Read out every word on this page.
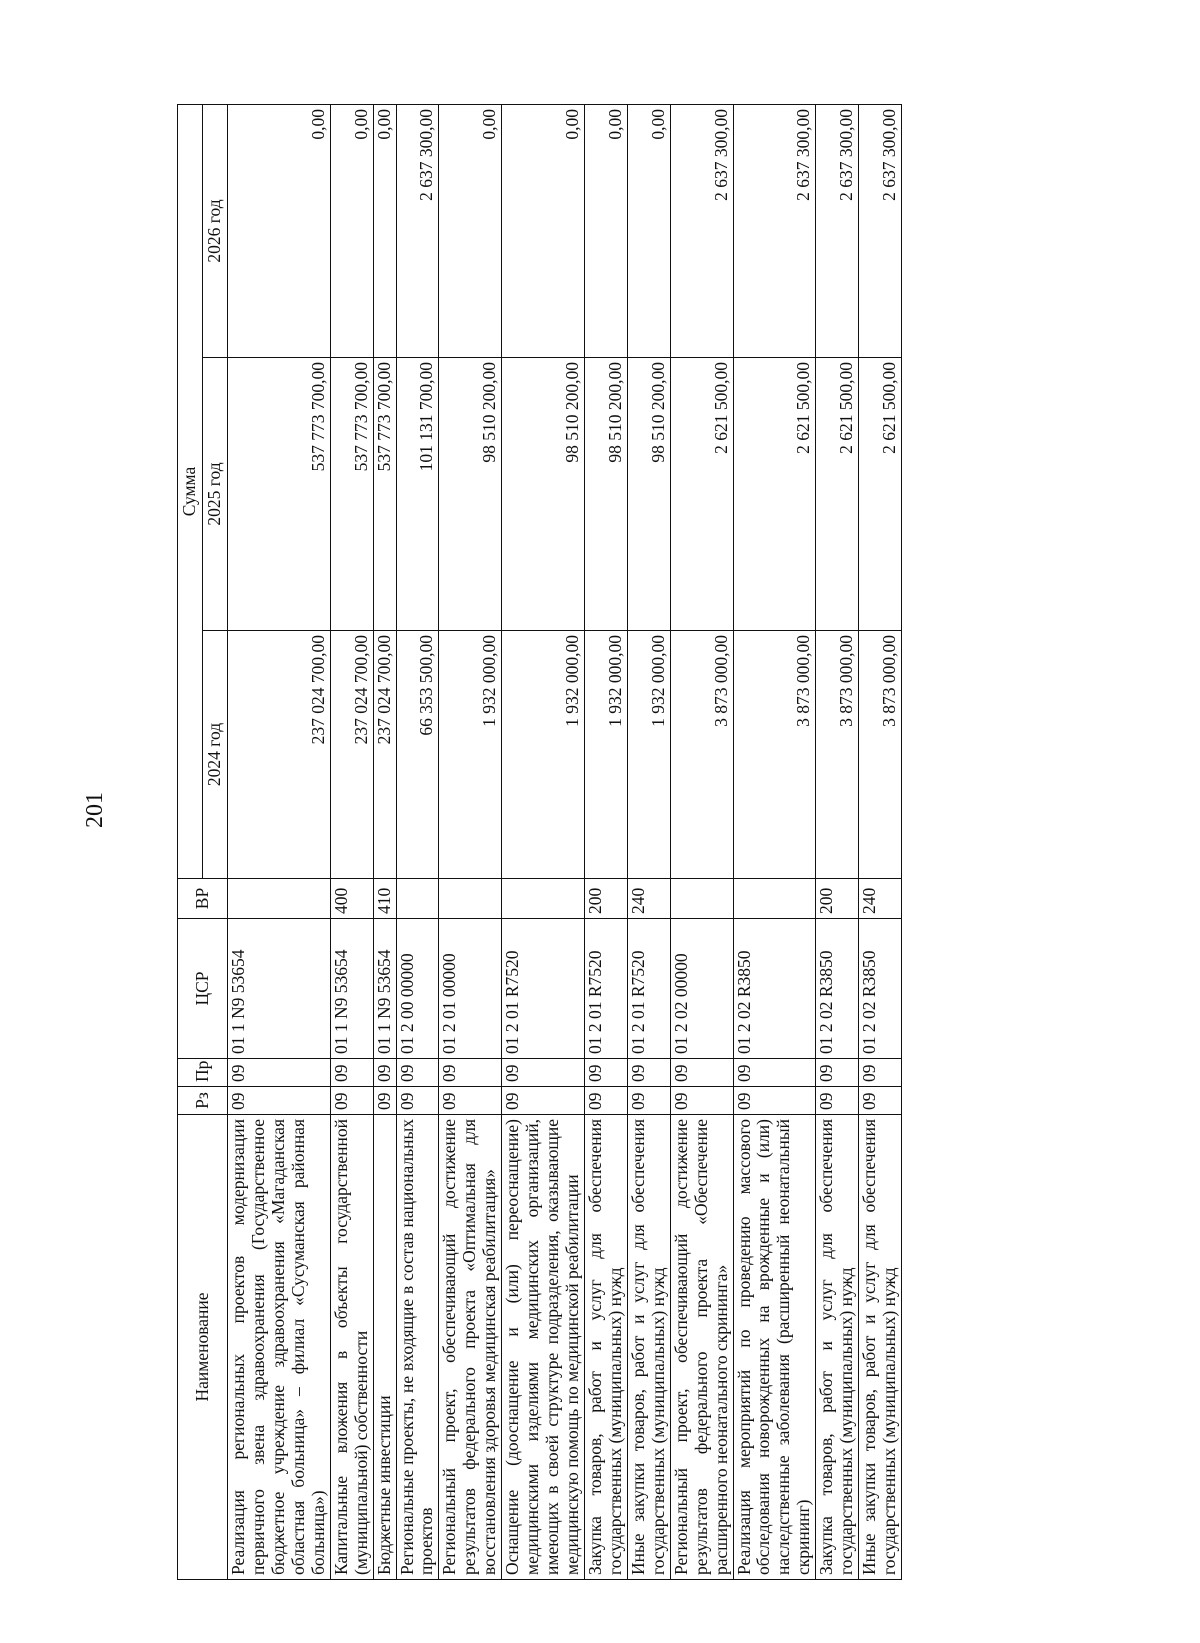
201
Наименование	Рз	Пр	ЦСР	ВР	Сумма		
					2024 год	2025 год	2026 год
Реализация региональных проектов модернизации первичного звена здравоохранения (Государственное бюджетное учреждение здравоохранения «Магаданская областная больница» – филиал «Сусуманская районная больница»)	09	09	01 1 N9 53654		237 024 700,00	537 773 700,00	0,00
Капитальные вложения в объекты государственной (муниципальной) собственности	09	09	01 1 N9 53654	400	237 024 700,00	537 773 700,00	0,00
Бюджетные инвестиции	09	09	01 1 N9 53654	410	237 024 700,00	537 773 700,00	0,00
Региональные проекты, не входящие в состав национальных проектов	09	09	01 2 00 00000		66 353 500,00	101 131 700,00	2 637 300,00
Региональный проект, обеспечивающий достижение результатов федерального проекта «Оптимальная для восстановления здоровья медицинская реабилитация»	09	09	01 2 01 00000		1 932 000,00	98 510 200,00	0,00
Оснащение (дооснащение и (или) переоснащение) медицинскими изделиями медицинских организаций, имеющих в своей структуре подразделения, оказывающие медицинскую помощь по медицинской реабилитации	09	09	01 2 01 R7520		1 932 000,00	98 510 200,00	0,00
Закупка товаров, работ и услуг для обеспечения государственных (муниципальных) нужд	09	09	01 2 01 R7520	200	1 932 000,00	98 510 200,00	0,00
Иные закупки товаров, работ и услуг для обеспечения государственных (муниципальных) нужд	09	09	01 2 01 R7520	240	1 932 000,00	98 510 200,00	0,00
Региональный проект, обеспечивающий достижение результатов федерального проекта «Обеспечение расширенного неонатального скрининга»	09	09	01 2 02 00000		3 873 000,00	2 621 500,00	2 637 300,00
Реализация мероприятий по проведению массового обследования новорожденных на врожденные и (или) наследственные заболевания (расширенный неонатальный скрининг)	09	09	01 2 02 R3850		3 873 000,00	2 621 500,00	2 637 300,00
Закупка товаров, работ и услуг для обеспечения государственных (муниципальных) нужд	09	09	01 2 02 R3850	200	3 873 000,00	2 621 500,00	2 637 300,00
Иные закупки товаров, работ и услуг для обеспечения государственных (муниципальных) нужд	09	09	01 2 02 R3850	240	3 873 000,00	2 621 500,00	2 637 300,00
